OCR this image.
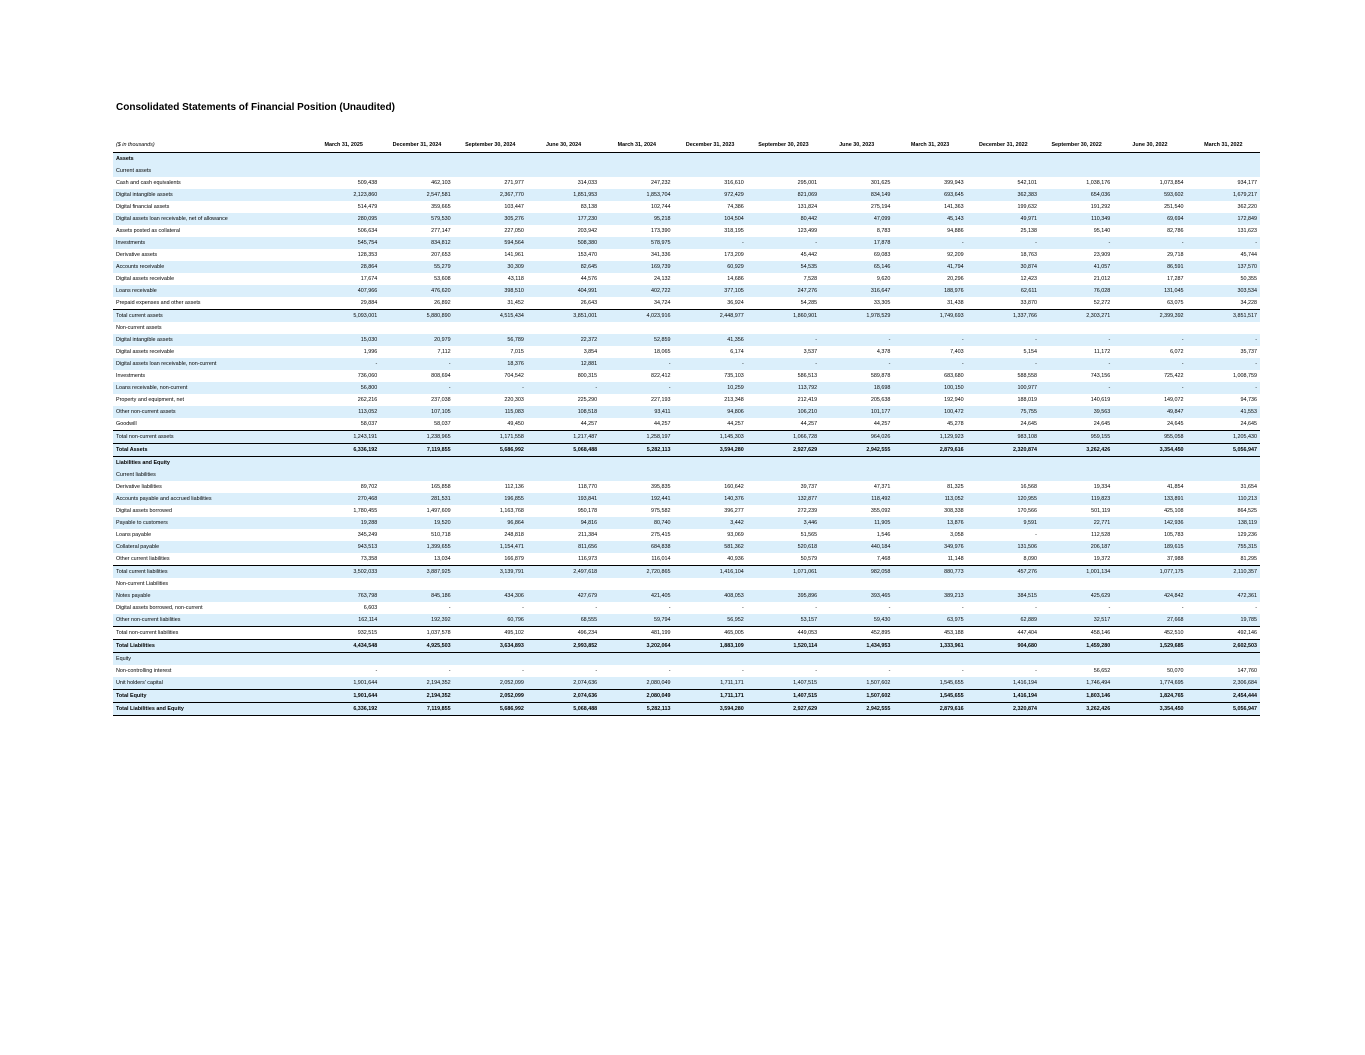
Consolidated Statements of Financial Position (Unaudited)
($ in thousands)	March 31, 2025	December 31, 2024	September 30, 2024	June 30, 2024	March 31, 2024	December 31, 2023	September 30, 2023	June 30, 2023	March 31, 2023	December 31, 2022	September 30, 2022	June 30, 2022	March 31, 2022
Assets													
Current assets													
Cash and cash equivalents	509,438	462,103	271,977	314,033	247,232	316,610	295,001	301,625	399,943	542,101	1,038,176	1,073,854	934,177
Digital intangible assets	2,123,860	2,547,581	2,367,770	1,851,953	1,853,704	972,429	821,069	834,149	693,645	362,383	654,036	593,602	1,679,217
Digital financial assets	514,479	359,665	103,447	83,138	102,744	74,386	131,824	275,194	141,363	199,632	191,292	251,540	362,220
Digital assets loan receivable, net of allowance	280,095	579,530	305,276	177,230	95,218	104,504	80,442	47,099	45,143	49,971	110,349	69,694	172,849
Assets posted as collateral	506,634	277,147	227,050	203,942	173,390	318,195	123,499	8,783	94,886	25,138	95,140	82,786	131,623
Investments	545,754	834,812	594,564	508,380	578,975	-	-	17,878	-	-	-	-	-
Derivative assets	128,353	207,653	141,961	153,470	341,336	173,209	45,442	69,083	92,209	18,763	23,909	29,718	45,744
Accounts receivable	28,864	55,279	30,309	82,645	169,739	60,929	54,535	65,146	41,794	30,874	41,057	86,591	137,570
Digital assets receivable	17,674	53,608	43,118	44,576	24,132	14,686	7,528	9,620	20,296	12,423	21,012	17,287	50,355
Loans receivable	407,966	476,620	398,510	404,991	402,722	377,105	247,276	316,647	188,976	62,611	76,028	131,045	303,534
Prepaid expenses and other assets	29,884	26,892	31,452	26,643	34,724	36,924	54,285	33,305	31,438	33,870	52,272	63,075	34,228
Total current assets	5,093,001	5,880,890	4,515,434	3,851,001	4,023,916	2,448,977	1,860,901	1,978,529	1,749,693	1,337,766	2,303,271	2,399,392	3,851,517
Non-current assets													
Digital intangible assets	15,030	20,979	56,789	22,372	52,859	41,356	-	-	-	-	-	-	-
Digital assets receivable	1,996	7,112	7,015	3,854	18,065	6,174	3,537	4,378	7,403	5,154	11,172	6,072	35,737
Digital assets loan receivable, non-current	-	-	18,376	12,881	-	-	-	-	-	-	-	-	-
Investments	736,060	808,694	704,542	800,315	822,412	735,103	586,513	589,878	683,680	588,558	743,156	725,422	1,008,759
Loans receivable, non-current	56,800	-	-	-	-	10,259	113,792	18,698	100,150	100,977	-	-	-
Property and equipment, net	262,216	237,038	220,303	225,290	227,193	213,348	212,419	205,638	192,940	188,019	140,619	149,072	94,736
Other non-current assets	113,052	107,105	115,083	108,518	93,411	94,806	106,210	101,177	100,472	75,755	39,563	49,847	41,553
Goodwill	58,037	58,037	49,450	44,257	44,257	44,257	44,257	44,257	45,278	24,645	24,645	24,645	24,645
Total non-current assets	1,243,191	1,238,965	1,171,558	1,217,487	1,258,197	1,145,303	1,066,728	964,026	1,129,923	983,108	959,155	955,058	1,205,430
Total Assets	6,336,192	7,119,855	5,686,992	5,068,488	5,282,113	3,594,280	2,927,629	2,942,555	2,879,616	2,320,874	3,262,426	3,354,450	5,056,947
Liabilities and Equity													
Current liabilities													
Derivative liabilities	89,702	165,858	112,136	118,770	395,835	160,642	39,737	47,371	81,325	16,568	19,334	41,854	31,654
Accounts payable and accrued liabilities	270,468	281,531	196,855	193,841	192,441	140,376	132,877	118,492	113,052	120,955	119,823	133,891	110,213
Digital assets borrowed	1,780,455	1,497,609	1,163,768	950,178	975,582	396,277	272,239	355,092	308,338	170,566	501,119	425,108	864,525
Payable to customers	19,288	19,520	96,864	94,816	80,740	3,442	3,446	11,905	13,876	9,591	22,771	142,936	138,119
Loans payable	345,249	510,718	248,818	211,384	275,415	93,069	51,565	1,546	3,058	-	112,528	105,783	129,236
Collateral payable	943,513	1,399,655	1,154,471	811,656	684,838	581,362	520,618	440,184	349,976	131,506	206,187	189,615	755,315
Other current liabilities	73,358	13,034	166,879	116,973	116,014	40,936	50,579	7,468	11,148	8,090	19,372	37,988	81,295
Total current liabilities	3,502,033	3,887,925	3,139,791	2,497,618	2,720,865	1,416,104	1,071,061	982,058	880,773	457,276	1,001,134	1,077,175	2,110,357
Non-current Liabilities													
Notes payable	763,798	845,186	434,306	427,679	421,405	408,053	395,896	393,465	389,213	384,515	425,629	424,842	472,361
Digital assets borrowed, non-current	6,603	-	-	-	-	-	-	-	-	-	-	-	-
Other non-current liabilities	162,114	192,392	60,796	68,555	59,794	56,952	53,157	59,430	63,975	62,889	32,517	27,668	19,785
Total non-current liabilities	932,515	1,037,578	495,102	496,234	481,199	465,005	449,053	452,895	453,188	447,404	458,146	452,510	492,146
Total Liabilities	4,434,548	4,925,503	3,634,893	2,993,852	3,202,064	1,883,109	1,520,114	1,434,953	1,333,961	904,680	1,459,280	1,529,685	2,602,503
Equity													
Non-controlling interest	-	-	-	-	-	-	-	-	-	-	56,652	50,070	147,760
Unit holders' capital	1,901,644	2,194,352	2,052,099	2,074,636	2,080,049	1,711,171	1,407,515	1,507,602	1,545,655	1,416,194	1,746,494	1,774,695	2,306,684
Total Equity	1,901,644	2,194,352	2,052,099	2,074,636	2,080,049	1,711,171	1,407,515	1,507,602	1,545,655	1,416,194	1,803,146	1,824,765	2,454,444
Total Liabilities and Equity	6,336,192	7,119,855	5,686,992	5,068,488	5,282,113	3,594,280	2,927,629	2,942,555	2,879,616	2,320,874	3,262,426	3,354,450	5,056,947
